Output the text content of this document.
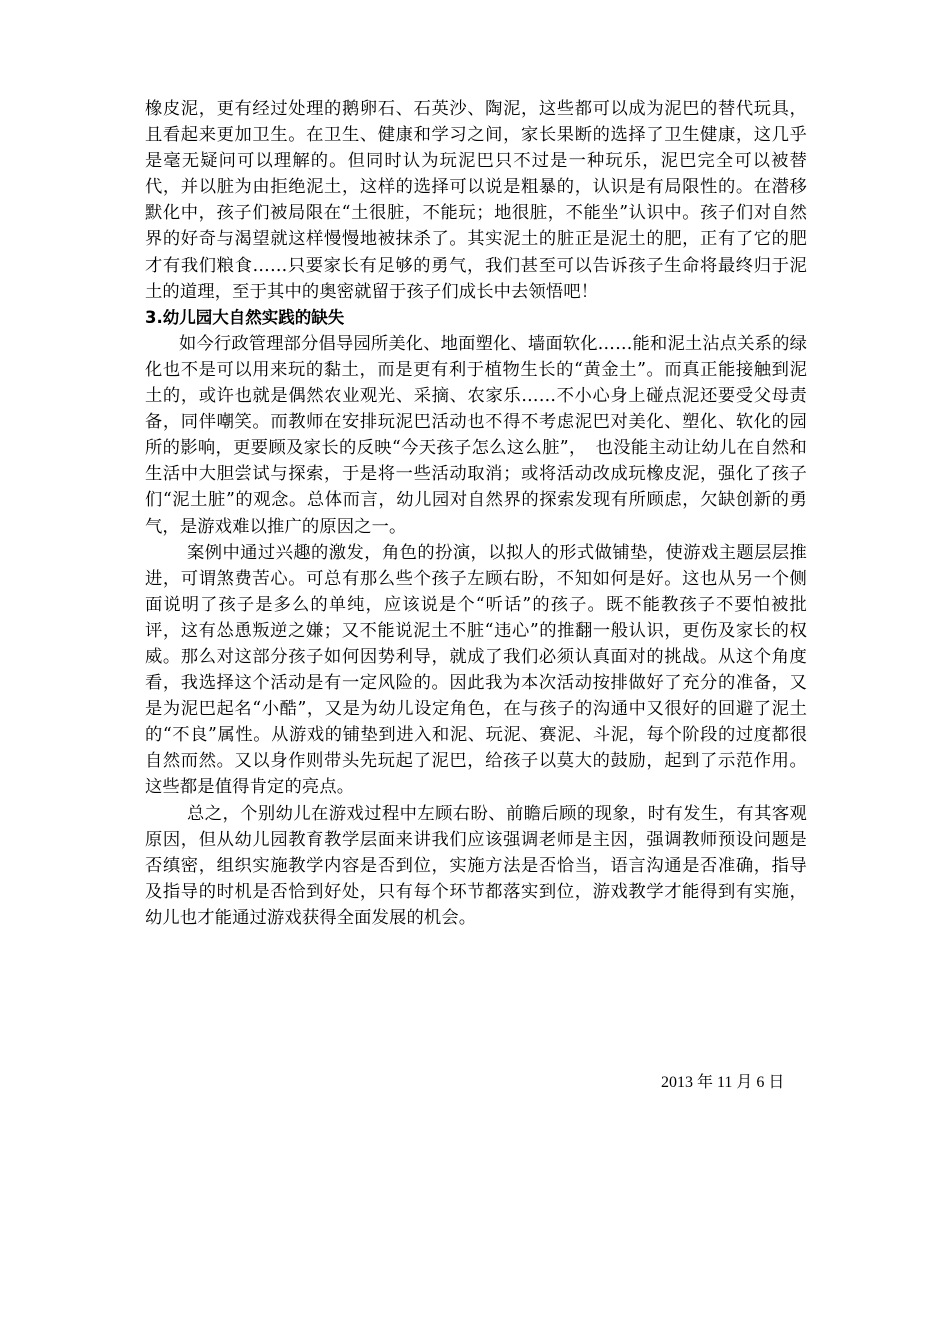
橡皮泥，更有经过处理的鹅卵石、石英沙、陶泥，这些都可以成为泥巴的替代玩具，且看起来更加卫生。在卫生、健康和学习之间，家长果断的选择了卫生健康，这几乎是毫无疑问可以理解的。但同时认为玩泥巴只不过是一种玩乐，泥巴完全可以被替代，并以脏为由拒绝泥土，这样的选择可以说是粗暴的，认识是有局限性的。在潜移默化中，孩子们被局限在“土很脏，不能玩；地很脏，不能坐”认识中。孩子们对自然界的好奇与渴望就这样慢慢地被抹杀了。其实泥土的脏正是泥土的肥，正有了它的肥才有我们粮食……只要家长有足够的勇气，我们甚至可以告诉孩子生命将最终归于泥土的道理，至于其中的奥密就留于孩子们成长中去领悟吧！

3.幼儿园大自然实践的缺失

如今行政管理部分倡导园所美化、地面塑化、墙面软化……能和泥土沾点关系的绿化也不是可以用来玩的黏土，而是更有利于植物生长的“黄金土”。而真正能接触到泥土的，或许也就是偶然农业观光、采摘、农家乐……不小心身上碰点泥还要受父母责备，同伴嘲笑。而教师在安排玩泥巴活动也不得不考虑泥巴对美化、塑化、软化的园所的影响，更要顾及家长的反映“今天孩子怎么这么脏”，　也没能主动让幼儿在自然和生活中大胆尝试与探索，于是将一些活动取消；或将活动改成玩橡皮泥，强化了孩子们“泥土脏”的观念。总体而言，幼儿园对自然界的探索发现有所顾虑，欠缺创新的勇气，是游戏难以推广的原因之一。

案例中通过兴趣的激发，角色的扮演，以拟人的形式做铺垫，使游戏主题层层推进，可谓煞费苦心。可总有那么些个孩子左顾右盼，不知如何是好。这也从另一个侧面说明了孩子是多么的单纯，应该说是个“听话”的孩子。既不能教孩子不要怕被批评，这有怂恿叛逆之嫌；又不能说泥土不脏“违心”的推翻一般认识，更伤及家长的权威。那么对这部分孩子如何因势利导，就成了我们必须认真面对的挑战。从这个角度看，我选择这个活动是有一定风险的。因此我为本次活动按排做好了充分的准备，又是为泥巴起名“小酷”，又是为幼儿设定角色，在与孩子的沟通中又很好的回避了泥土的“不良”属性。从游戏的铺垫到进入和泥、玩泥、赛泥、斗泥，每个阶段的过度都很自然而然。又以身作则带头先玩起了泥巴，给孩子以莫大的鼓励，起到了示范作用。这些都是值得肯定的亮点。

总之，个别幼儿在游戏过程中左顾右盼、前瞻后顾的现象，时有发生，有其客观原因，但从幼儿园教育教学层面来讲我们应该强调老师是主因，强调教师预设问题是否缜密，组织实施教学内容是否到位，实施方法是否恰当，语言沟通是否准确，指导及指导的时机是否恰到好处，只有每个环节都落实到位，游戏教学才能得到有实施，幼儿也才能通过游戏获得全面发展的机会。

2013 年 11 月 6 日
